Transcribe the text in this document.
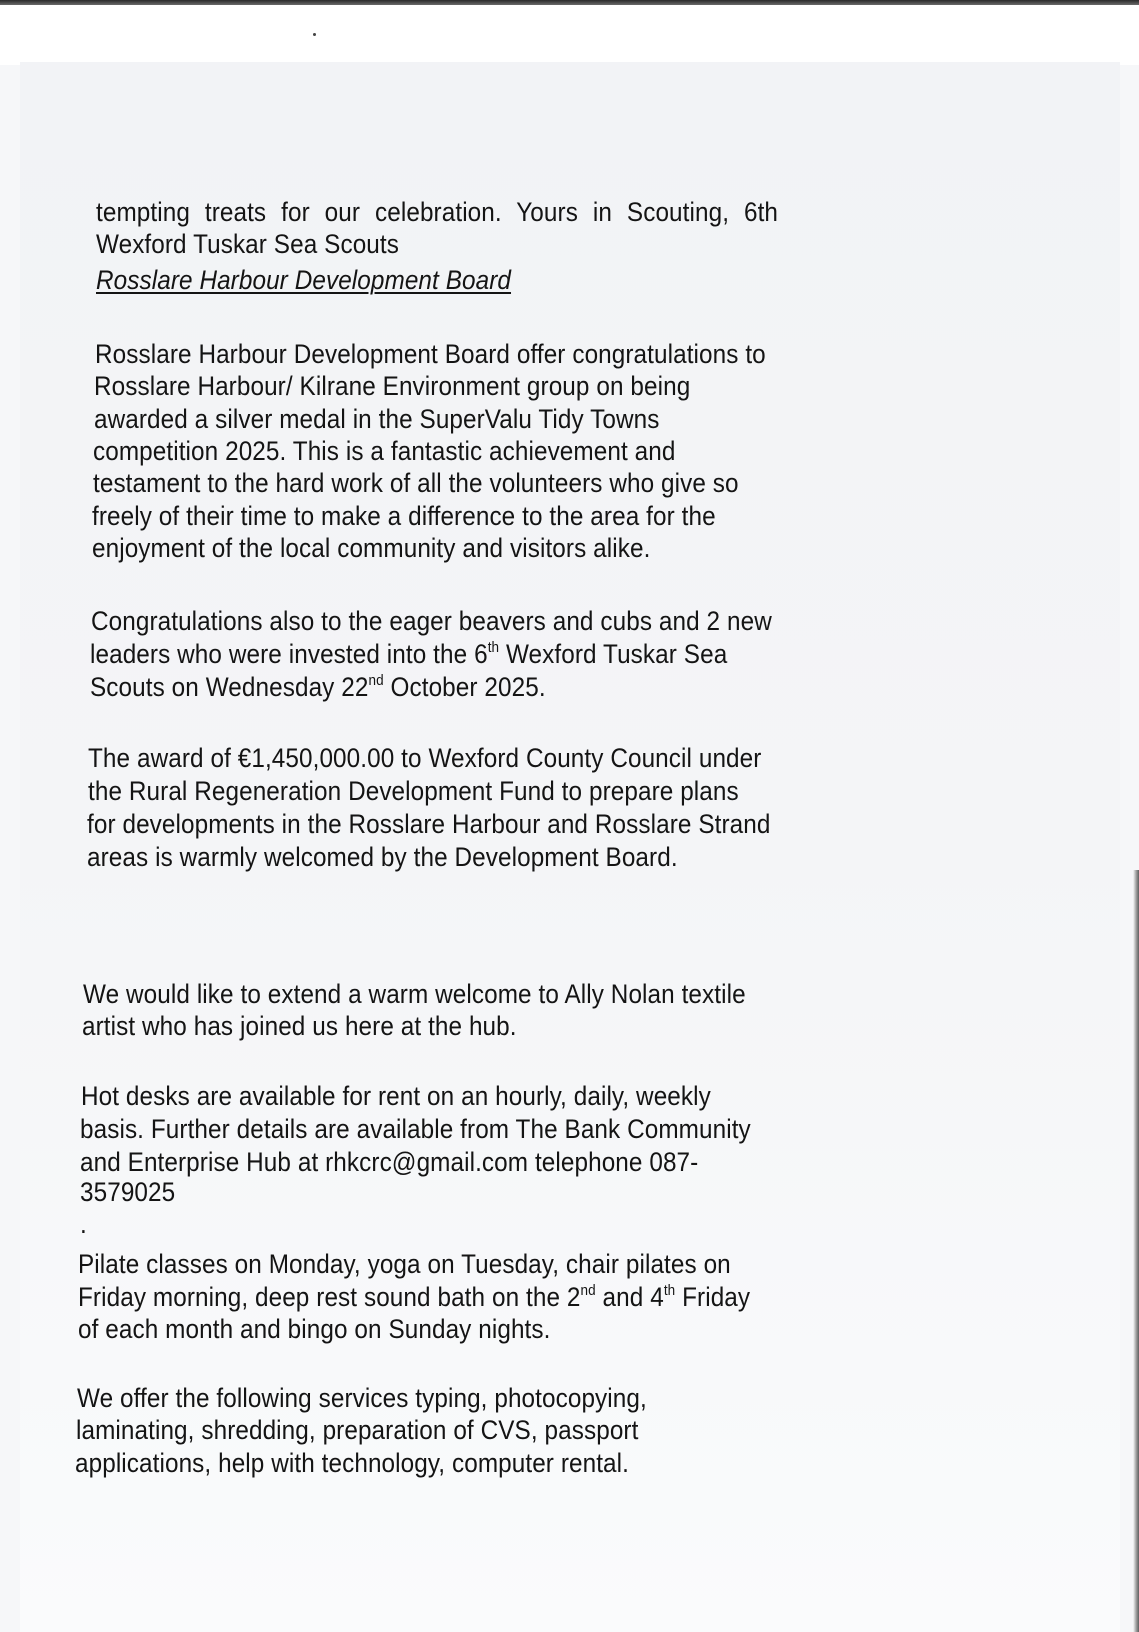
tempting treats for our celebration. Yours in Scouting, 6th
Wexford Tuskar Sea Scouts
Rosslare Harbour Development Board
Rosslare Harbour Development Board offer congratulations to
Rosslare Harbour/ Kilrane Environment group on being
awarded a silver medal in the SuperValu Tidy Towns
competition 2025. This is a fantastic achievement and
testament to the hard work of all the volunteers who give so
freely of their time to make a difference to the area for the
enjoyment of the local community and visitors alike.
Congratulations also to the eager beavers and cubs and 2 new
leaders who were invested into the 6th Wexford Tuskar Sea
Scouts on Wednesday 22nd October 2025.
The award of €1,450,000.00 to Wexford County Council under
the Rural Regeneration Development Fund to prepare plans
for developments in the Rosslare Harbour and Rosslare Strand
areas is warmly welcomed by the Development Board.
We would like to extend a warm welcome to Ally Nolan textile
artist who has joined us here at the hub.
Hot desks are available for rent on an hourly, daily, weekly
basis. Further details are available from The Bank Community
and Enterprise Hub at rhkcrc@gmail.com telephone 087-
3579025
.
Pilate classes on Monday, yoga on Tuesday, chair pilates on
Friday morning, deep rest sound bath on the 2nd and 4th Friday
of each month and bingo on Sunday nights.
We offer the following services typing, photocopying,
laminating, shredding, preparation of CVS, passport
applications, help with technology, computer rental.
